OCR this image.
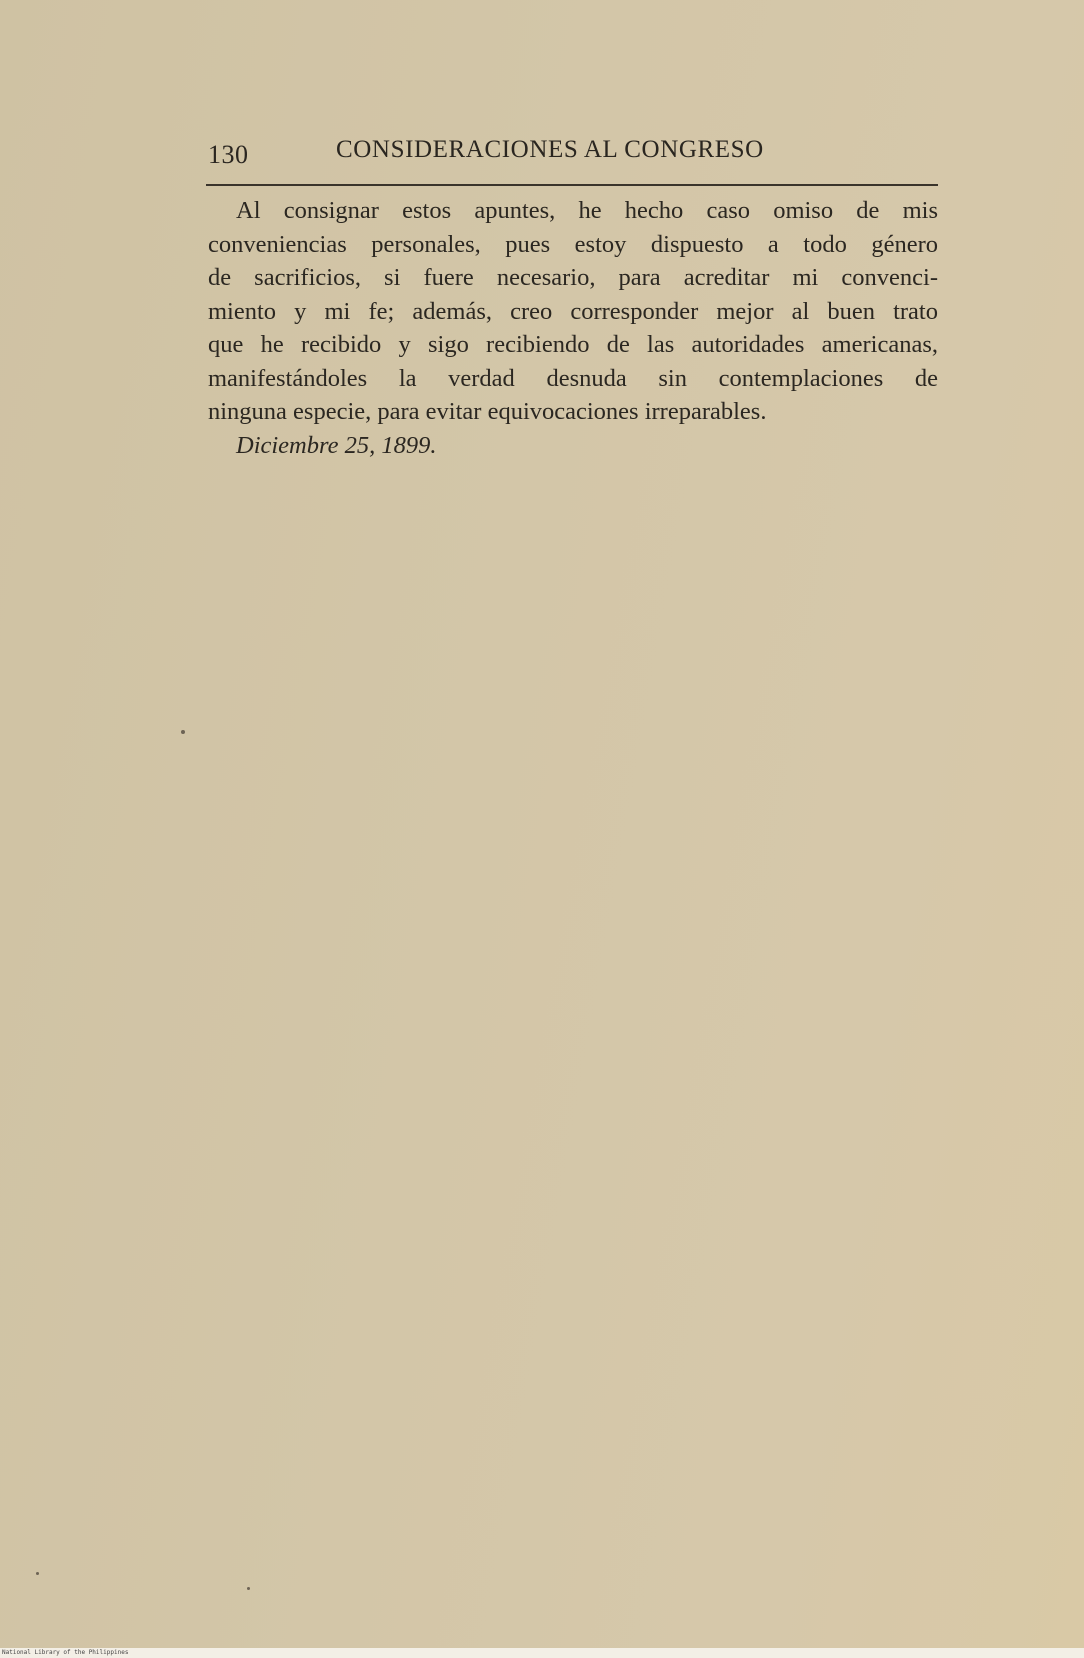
130	CONSIDERACIONES AL CONGRESO
Al consignar estos apuntes, he hecho caso omiso de mis
conveniencias personales, pues estoy dispuesto a todo género
de sacrificios, si fuere necesario, para acreditar mi convenci-
miento y mi fe; además, creo corresponder mejor al buen trato
que he recibido y sigo recibiendo de las autoridades americanas,
manifestándoles la verdad desnuda sin contemplaciones de
ninguna especie, para evitar equivocaciones irreparables.
Diciembre 25, 1899.
National Library of the Philippines
